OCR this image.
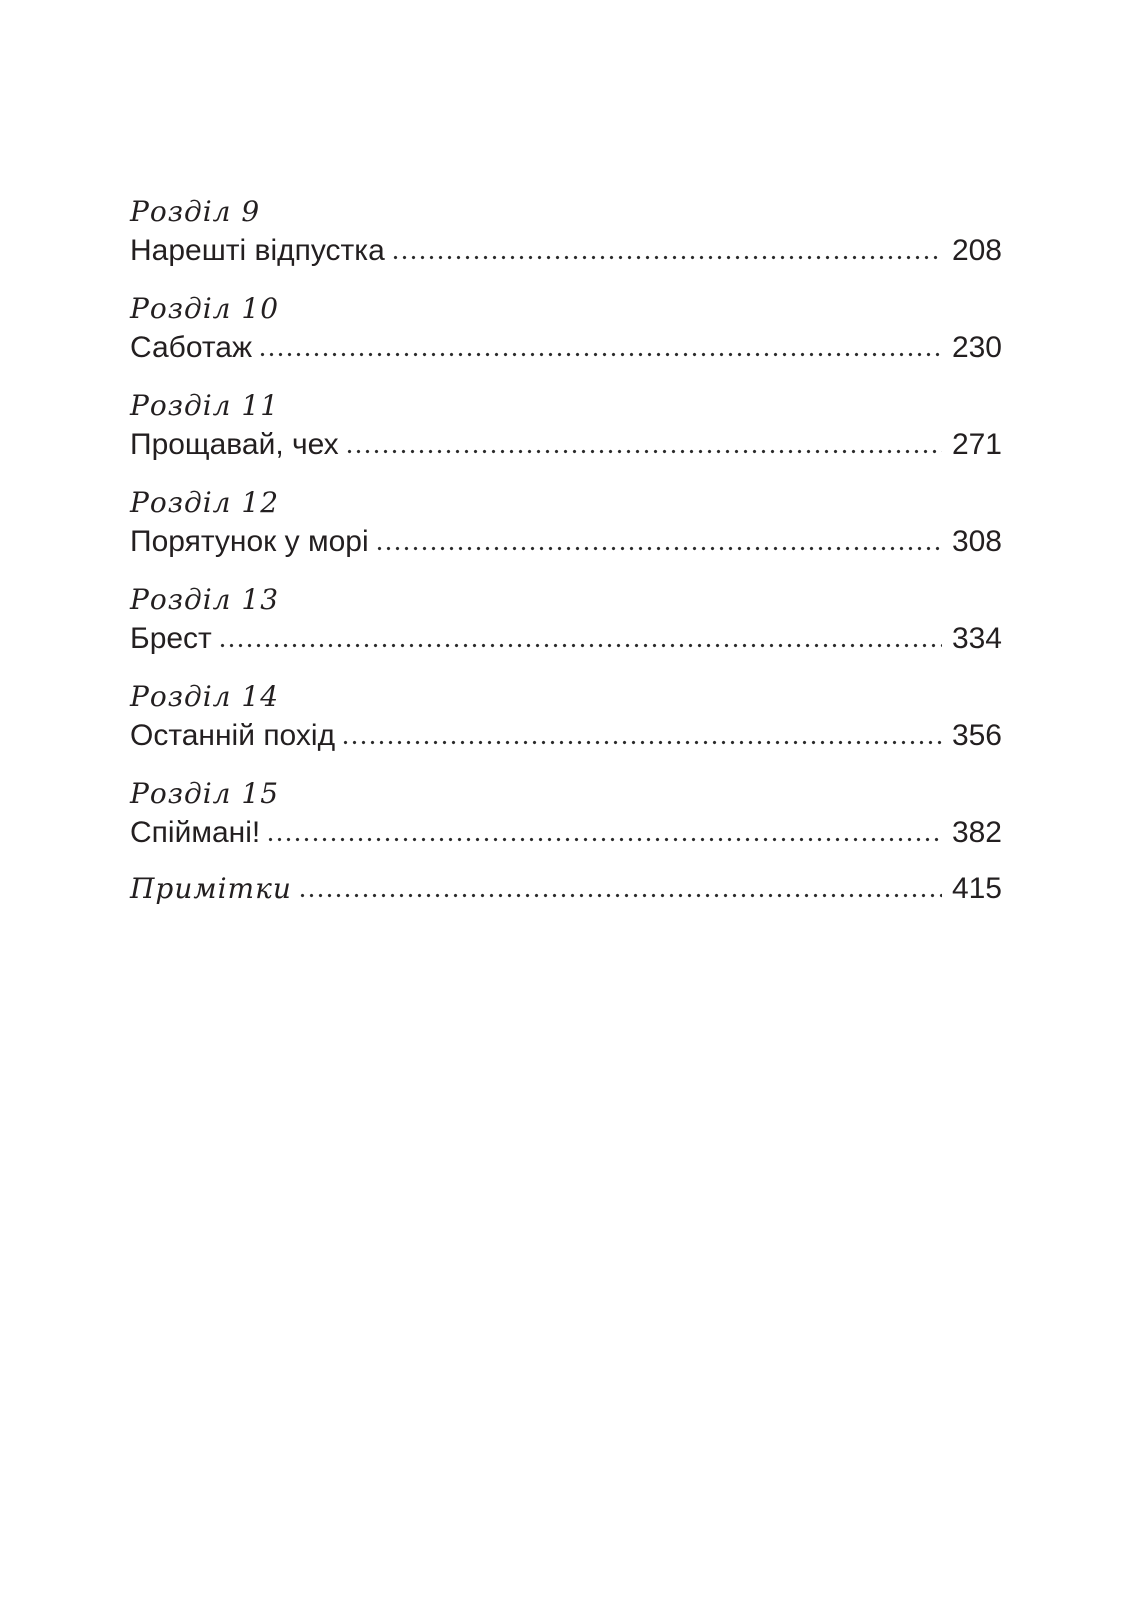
Розділ 9
Нарешті відпустка	208
Розділ 10
Саботаж	230
Розділ 11
Прощавай, чех	271
Розділ 12
Порятунок у морі	308
Розділ 13
Брест	334
Розділ 14
Останній похід	356
Розділ 15
Спіймані!	382
Примітки	415
